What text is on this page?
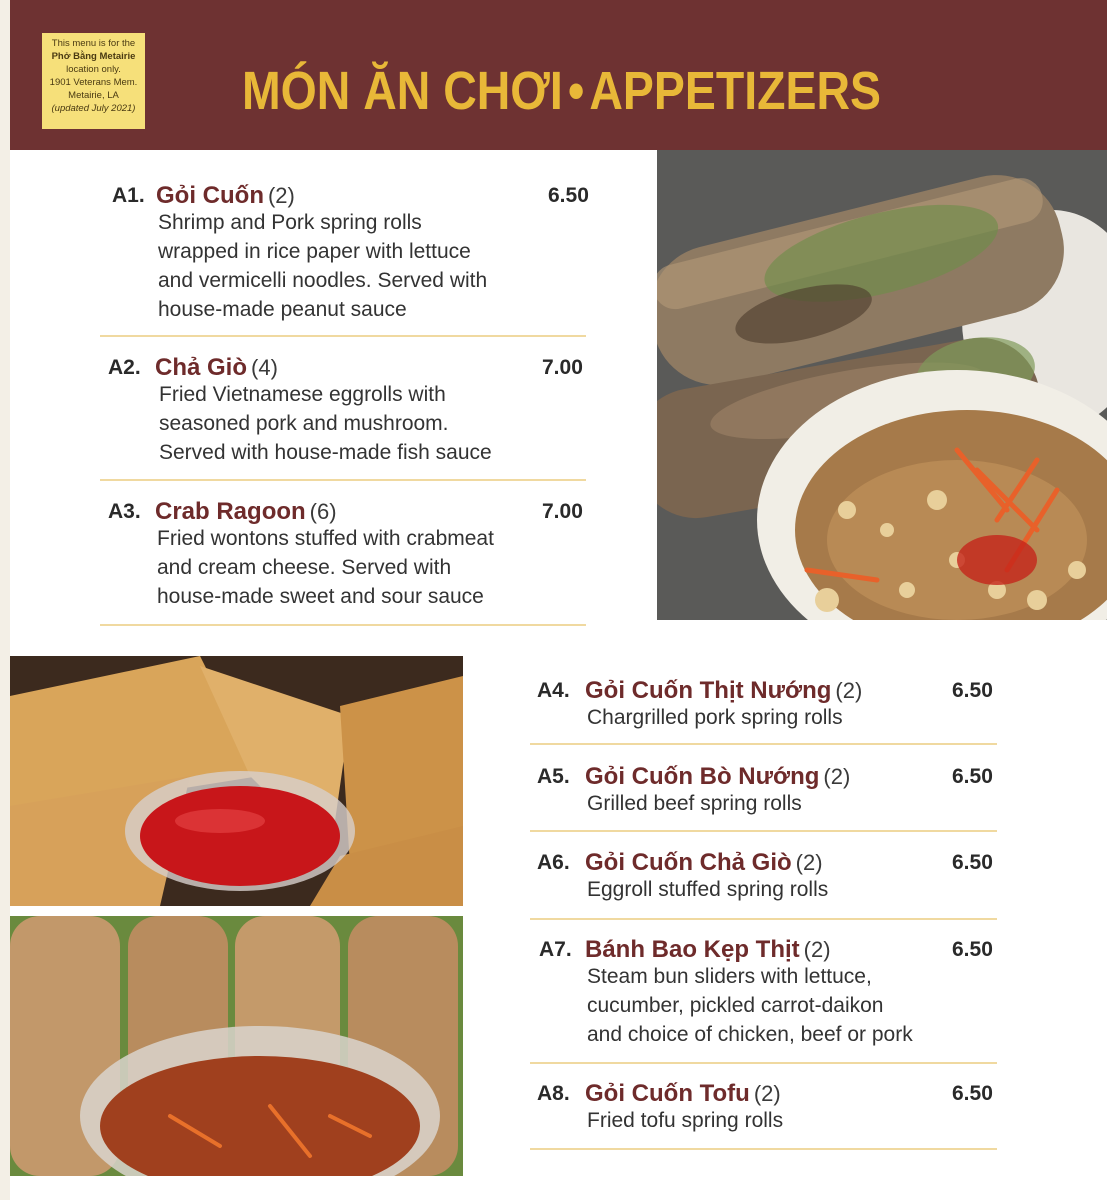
This menu is for the
Phở Bằng Metairie
location only.
1901 Veterans Mem.
Metairie, LA
(updated July 2021) MÓN ĂN CHƠI•APPETIZERS
A1. Gỏi Cuốn (2)	6.50
Shrimp and Pork spring rolls
wrapped in rice paper with lettuce
and vermicelli noodles. Served with
house-made peanut sauce
A2. Chả Giò (4)	7.00
Fried Vietnamese eggrolls with
seasoned pork and mushroom.
Served with house-made fish sauce
A3. Crab Ragoon (6)	7.00
Fried wontons stuffed with crabmeat
and cream cheese. Served with
house-made sweet and sour sauce
A4. Gỏi Cuốn Thịt Nướng (2)	6.50
Chargrilled pork spring rolls
A5. Gỏi Cuốn Bò Nướng (2)	6.50
Grilled beef spring rolls
A6. Gỏi Cuốn Chả Giò (2)	6.50
Eggroll stuffed spring rolls
A7. Bánh Bao Kẹp Thịt (2)	6.50
Steam bun sliders with lettuce,
cucumber, pickled carrot-daikon
and choice of chicken, beef or pork
A8. Gỏi Cuốn Tofu (2)	6.50
Fried tofu spring rolls
